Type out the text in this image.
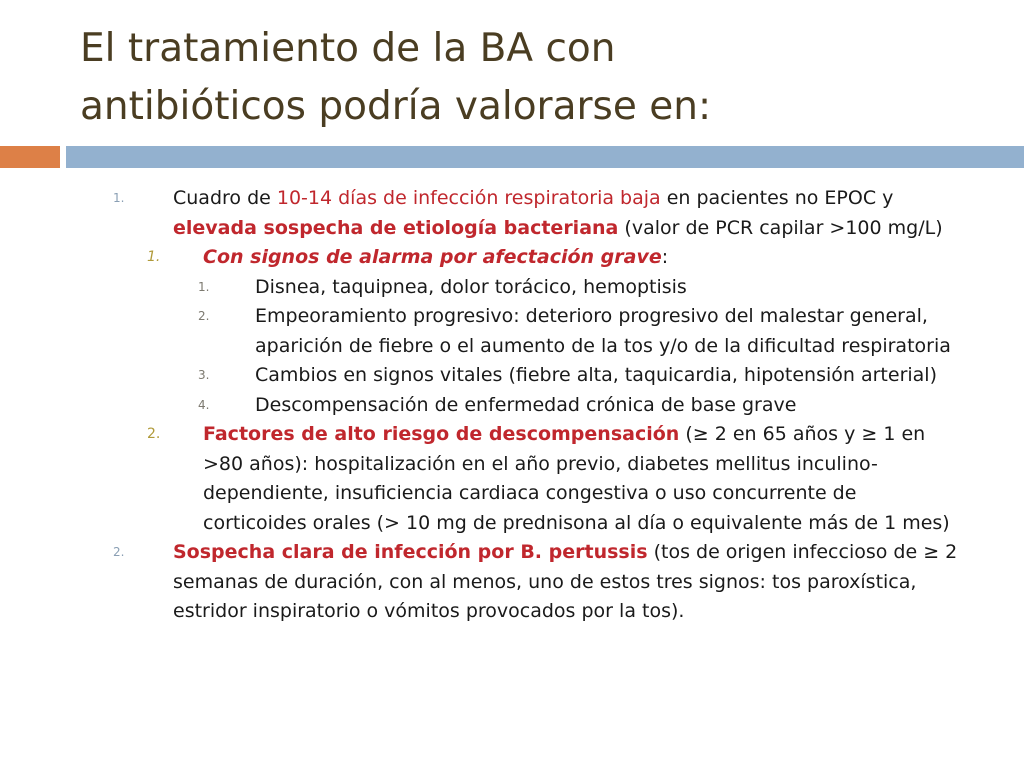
El tratamiento de la BA con
antibióticos podría valorarse en:
1.	Cuadro de 10-14 días de infección respiratoria baja en pacientes no EPOC y elevada sospecha de etiología bacteriana (valor de PCR capilar >100 mg/L)
1. Con signos de alarma por afectación grave:
1. Disnea, taquipnea, dolor torácico, hemoptisis
2. Empeoramiento progresivo: deterioro progresivo del malestar general, aparición de fiebre o el aumento de la tos y/o de la dificultad respiratoria
3. Cambios en signos vitales (fiebre alta, taquicardia, hipotensión arterial)
4. Descompensación de enfermedad crónica de base grave
2. Factores de alto riesgo de descompensación (≥ 2 en 65 años y ≥ 1 en >80 años): hospitalización en el año previo, diabetes mellitus inculino-dependiente, insuficiencia cardiaca congestiva o uso concurrente de corticoides orales (> 10 mg de prednisona al día o equivalente más de 1 mes)
2.	Sospecha clara de infección por B. pertussis (tos de origen infeccioso de ≥ 2 semanas de duración, con al menos, uno de estos tres signos: tos paroxística, estridor inspiratorio o vómitos provocados por la tos).
